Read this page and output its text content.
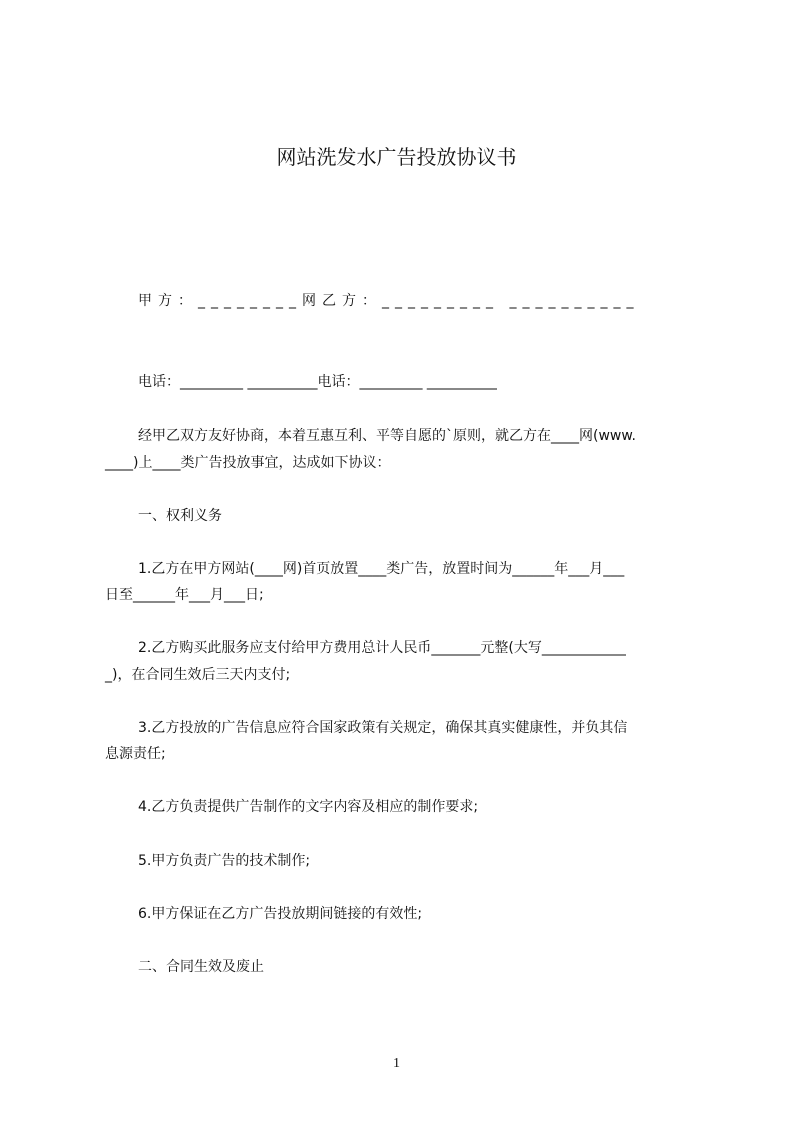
网站洗发水广告投放协议书
甲方：________网乙方：_________ __________
电话：_________ __________电话：_________ __________
经甲乙双方友好协商，本着互惠互利、平等自愿的`原则，就乙方在____网(www.
____)上____类广告投放事宜，达成如下协议：
一、权利义务
1.乙方在甲方网站(____网)首页放置____类广告，放置时间为______年___月___
日至______年___月___日;
2.乙方购买此服务应支付给甲方费用总计人民币_______元整(大写____________
_)，在合同生效后三天内支付;
3.乙方投放的广告信息应符合国家政策有关规定，确保其真实健康性，并负其信
息源责任;
4.乙方负责提供广告制作的文字内容及相应的制作要求;
5.甲方负责广告的技术制作;
6.甲方保证在乙方广告投放期间链接的有效性;
二、合同生效及废止
1
